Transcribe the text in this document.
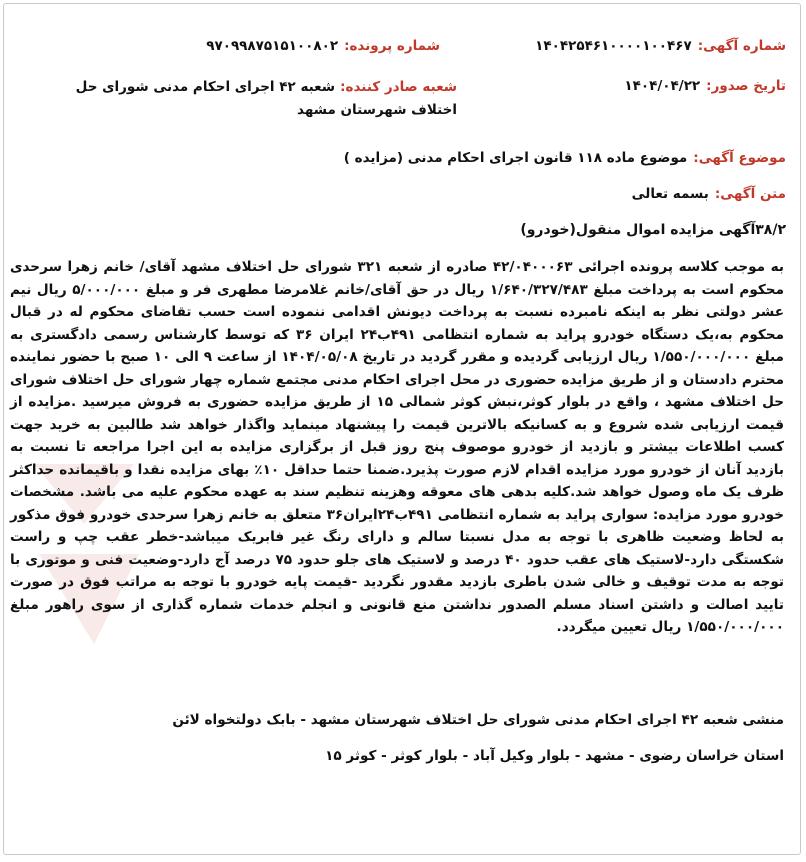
شماره آگهی:
۱۴۰۴۲۵۴۶۱۰۰۰۰۱۰۰۴۶۷
شماره پرونده:
۹۷۰۹۹۸۷۵۱۵۱۰۰۸۰۲
تاریخ صدور:
۱۴۰۴/۰۴/۲۲
شعبه صادر کننده: شعبه ۴۲ اجرای احکام مدنی شورای حل اختلاف شهرستان مشهد
موضوع آگهی:
موضوع ماده ۱۱۸ قانون اجرای احکام مدنی (مزایده )
متن آگهی:
بسمه تعالی
۳۸/۲آگهی مزایده اموال منقول(خودرو)
به موجب کلاسه پرونده اجرائی ۴۲/۰۴۰۰۰۶۳ صادره از شعبه ۳۲۱ شورای حل اختلاف مشهد آقای/ خانم زهرا سرحدی محکوم است به پرداخت مبلغ ۱/۶۴۰/۳۲۷/۴۸۳ ریال در حق آقای/خانم غلامرضا مطهری فر و مبلغ ۵/۰۰۰/۰۰۰ ریال نیم عشر دولتی نظر به اینکه نامبرده نسبت به پرداخت دیونش اقدامی ننموده است حسب تقاضای محکوم له در قبال محکوم به،یک دستگاه خودرو پراید به شماره انتظامی ۴۹۱ب۲۴ ایران ۳۶ که توسط کارشناس رسمی دادگستری به مبلغ ۱/۵۵۰/۰۰۰/۰۰۰ ریال ارزیابی گردیده و مقرر گردید در تاریخ ۱۴۰۴/۰۵/۰۸ از ساعت ۹ الی ۱۰ صبح با حضور نماینده محترم دادستان و از طریق مزایده حضوری در محل اجرای احکام مدنی مجتمع شماره چهار شورای حل اختلاف شورای حل اختلاف مشهد ، واقع در بلوار کوثر،نبش کوثر شمالی ۱۵ از طریق مزایده حضوری به فروش میرسید .مزایده از قیمت ارزیابی شده شروع و به کسانیکه بالاترین قیمت را پیشنهاد مینماید واگذار خواهد شد طالبین به خرید جهت کسب اطلاعات بیشتر و بازدید از خودرو موصوف پنج روز قبل از برگزاری مزایده به این اجرا مراجعه تا نسبت به بازدید آنان از خودرو مورد مزایده اقدام لازم صورت پذیرد.ضمنا حتما حداقل ۱۰٪ بهای مزایده نقدا و باقیمانده حداکثر ظرف یک ماه وصول خواهد شد.کلیه بدهی های معوقه وهزینه تنظیم سند به عهده محکوم علیه می باشد. مشخصات خودرو مورد مزایده: سواری پراید به شماره انتظامی ۴۹۱ب۲۴ایران۳۶ متعلق به خانم زهرا سرحدی خودرو فوق مذکور به لحاظ وضعیت ظاهری با توجه به مدل نسبتا سالم و دارای رنگ غیر فابریک میباشد-خطر عقب چپ و راست شکستگی دارد-لاستیک های عقب حدود ۴۰ درصد و لاستیک های جلو حدود ۷۵ درصد آج دارد-وضعیت فنی و موتوری با توجه به مدت توقیف و خالی شدن باطری بازدید مقدور نگردید -قیمت پایه خودرو با توجه به مراتب فوق در صورت تایید اصالت و داشتن اسناد مسلم الصدور نداشتن منع قانونی و انجلم خدمات شماره گذاری از سوی راهور مبلغ ۱/۵۵۰/۰۰۰/۰۰۰ ریال تعیین میگردد.
منشی شعبه ۴۲ اجرای احکام مدنی شورای حل اختلاف شهرستان مشهد - بابک دولتخواه لائن
استان خراسان رضوی - مشهد - بلوار وکیل آباد - بلوار کوثر - کوثر ۱۵
